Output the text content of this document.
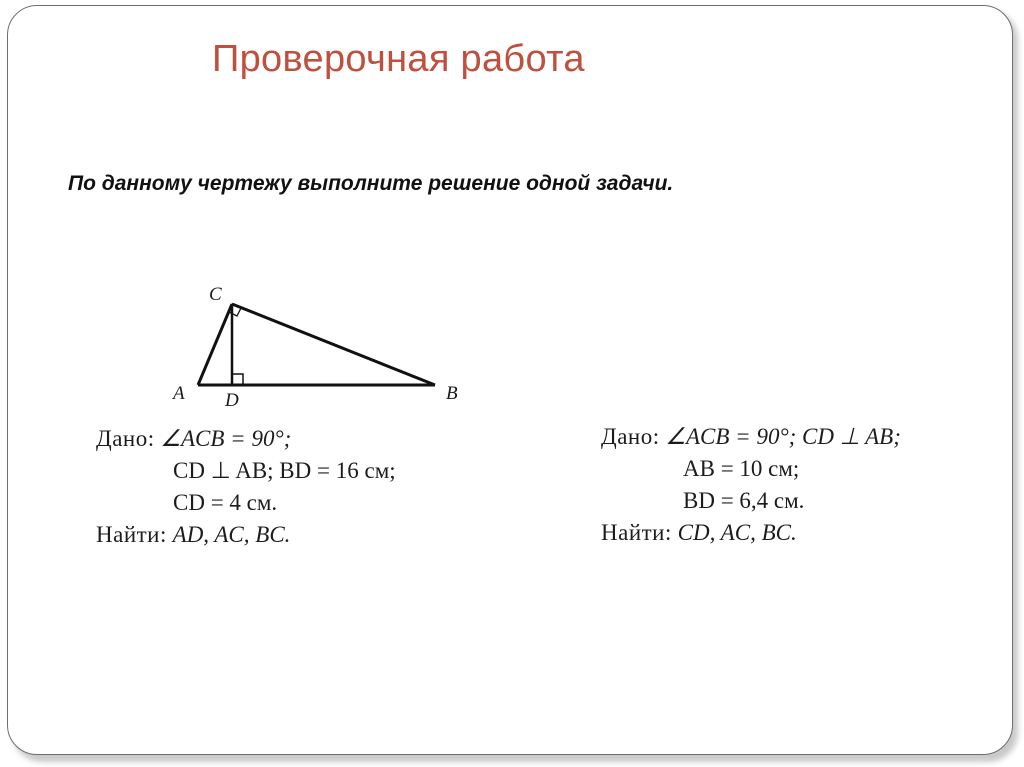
Проверочная работа
По данному чертежу выполните решение одной задачи.
C
A D	B
Дано: ∠ACB = 90°;
CD ⊥ AB; BD = 16 см;
CD = 4 см.
Найти: AD, AC, BC.
Дано: ∠ACB = 90°; CD ⊥ AB;
AB = 10 см;
BD = 6,4 см.
Найти: CD, AC, BC.
